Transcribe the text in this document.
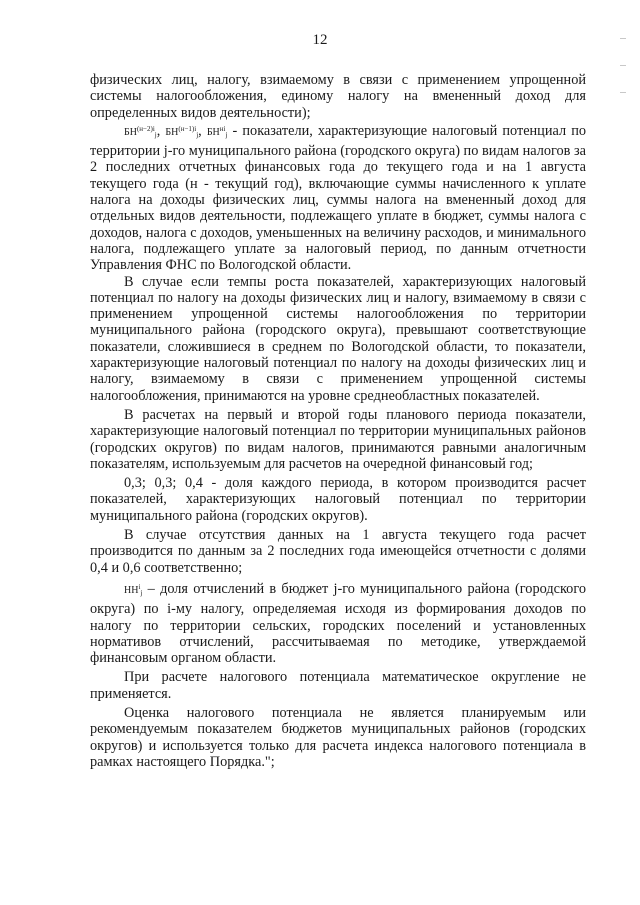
12

физических лиц, налогу, взимаемому в связи с применением упрощенной системы налогообложения, единому налогу на вмененный доход для определенных видов деятельности);

$БН^{(н-2)i}_j$, $БН^{(н-1)i}_j$, $БН^{нi}_j$ - показатели, характеризующие налоговый потенциал по территории j-го муниципального района (городского округа) по видам налогов за 2 последних отчетных финансовых года до текущего года и на 1 августа текущего года (н - текущий год), включающие суммы начисленного к уплате налога на доходы физических лиц, суммы налога на вмененный доход для отдельных видов деятельности, подлежащего уплате в бюджет, суммы налога с доходов, налога с доходов, уменьшенных на величину расходов, и минимального налога, подлежащего уплате за налоговый период, по данным отчетности Управления ФНС по Вологодской области.

В случае если темпы роста показателей, характеризующих налоговый потенциал по налогу на доходы физических лиц и налогу, взимаемому в связи с применением упрощенной системы налогообложения по территории муниципального района (городского округа), превышают соответствующие показатели, сложившиеся в среднем по Вологодской области, то показатели, характеризующие налоговый потенциал по налогу на доходы физических лиц и налогу, взимаемому в связи с применением упрощенной системы налогообложения, принимаются на уровне среднеобластных показателей.

В расчетах на первый и второй годы планового периода показатели, характеризующие налоговый потенциал по территории муниципальных районов (городских округов) по видам налогов, принимаются равными аналогичным показателям, используемым для расчетов на очередной финансовый год;

0,3; 0,3; 0,4 - доля каждого периода, в котором производится расчет показателей, характеризующих налоговый потенциал по территории муниципального района (городских округов).

В случае отсутствия данных на 1 августа текущего года расчет производится по данным за 2 последних года имеющейся отчетности с долями 0,4 и 0,6 соответственно;

$НН^i_j$ – доля отчислений в бюджет j-го муниципального района (городского округа) по i-му налогу, определяемая исходя из формирования доходов по налогу по территории сельских, городских поселений и установленных нормативов отчислений, рассчитываемая по методике, утверждаемой финансовым органом области.

При расчете налогового потенциала математическое округление не применяется.

Оценка налогового потенциала не является планируемым или рекомендуемым показателем бюджетов муниципальных районов (городских округов) и используется только для расчета индекса налогового потенциала в рамках настоящего Порядка.";
